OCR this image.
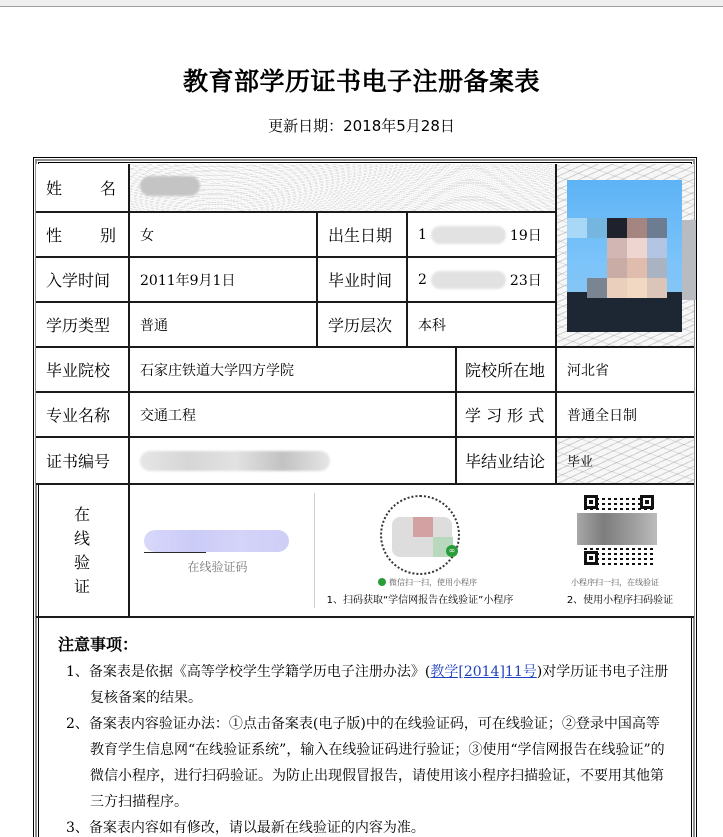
教育部学历证书电子注册备案表
更新日期：2018年5月28日
姓 名
性 别	女	出生日期	1	19日
入学时间	2011年9月1日	毕业时间	2	23日
学历类型	普通	学历层次	本科
毕业院校	石家庄铁道大学四方学院	院校所在地	河北省
专业名称	交通工程	学 习 形 式	普通全日制
证书编号	毕结业结论	毕业
在
线
验
证
在线验证码
∞
微信扫一扫，使用小程序
1、扫码获取“学信网报告在线验证”小程序
小程序扫一扫，在线验证
2、使用小程序扫码验证
注意事项：
1、备案表是依据《高等学校学生学籍学历电子注册办法》(教学[2014]11号)对学历证书电子注册复核备案的结果。
2、备案表内容验证办法：①点击备案表(电子版)中的在线验证码，可在线验证；②登录中国高等教育学生信息网“在线验证系统”，输入在线验证码进行验证；③使用“学信网报告在线验证”的微信小程序，进行扫码验证。为防止出现假冒报告，请使用该小程序扫描验证，不要用其他第三方扫描程序。
3、备案表内容如有修改，请以最新在线验证的内容为准。
